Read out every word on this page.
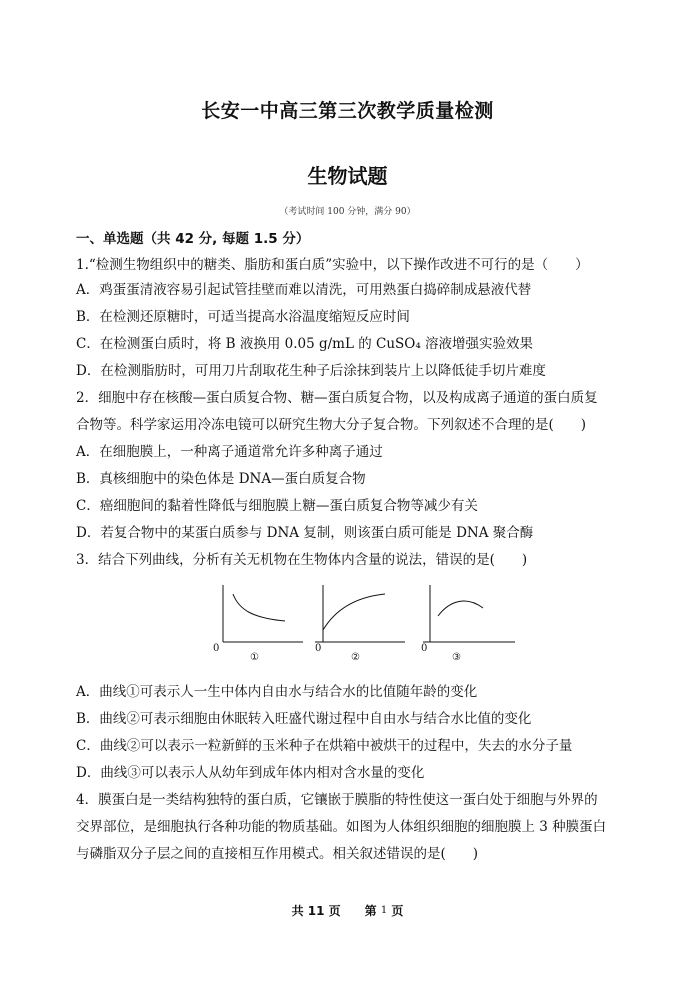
长安一中高三第三次教学质量检测
生物试题
（考试时间 100 分钟，满分 90）
一、单选题（共 42 分, 每题 1.5 分）
1.“检测生物组织中的糖类、脂肪和蛋白质”实验中，以下操作改进不可行的是（　　）
A．鸡蛋蛋清液容易引起试管挂壁而难以清洗，可用熟蛋白捣碎制成悬液代替
B．在检测还原糖时，可适当提高水浴温度缩短反应时间
C．在检测蛋白质时，将 B 液换用 0.05 g/mL 的 CuSO₄ 溶液增强实验效果
D．在检测脂肪时，可用刀片刮取花生种子后涂抹到装片上以降低徒手切片难度
2．细胞中存在核酸—蛋白质复合物、糖—蛋白质复合物，以及构成离子通道的蛋白质复
合物等。科学家运用冷冻电镜可以研究生物大分子复合物。下列叙述不合理的是(　　)
A．在细胞膜上，一种离子通道常允许多种离子通过
B．真核细胞中的染色体是 DNA—蛋白质复合物
C．癌细胞间的黏着性降低与细胞膜上糖—蛋白质复合物等减少有关
D．若复合物中的某蛋白质参与 DNA 复制，则该蛋白质可能是 DNA 聚合酶
3．结合下列曲线，分析有关无机物在生物体内含量的说法，错误的是(　　)
0
①
0
②
0
③
A．曲线①可表示人一生中体内自由水与结合水的比值随年龄的变化
B．曲线②可表示细胞由休眠转入旺盛代谢过程中自由水与结合水比值的变化
C．曲线②可以表示一粒新鲜的玉米种子在烘箱中被烘干的过程中，失去的水分子量
D．曲线③可以表示人从幼年到成年体内相对含水量的变化
4．膜蛋白是一类结构独特的蛋白质，它镶嵌于膜脂的特性使这一蛋白处于细胞与外界的
交界部位，是细胞执行各种功能的物质基础。如图为人体组织细胞的细胞膜上 3 种膜蛋白
与磷脂双分子层之间的直接相互作用模式。相关叙述错误的是(　　)
共 11 页　　第 1 页
